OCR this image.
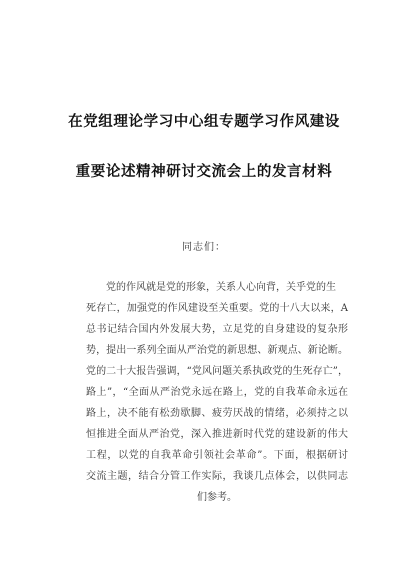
在党组理论学习中心组专题学习作风建设
重要论述精神研讨交流会上的发言材料
同志们：
党的作风就是党的形象，关系人心向背，关乎党的生
死存亡，加强党的作风建设至关重要。党的十八大以来，A
总书记结合国内外发展大势，立足党的自身建设的复杂形
势，提出一系列全面从严治党的新思想、新观点、新论断。
党的二十大报告强调，“党风问题关系执政党的生死存亡”，
路上”，“全面从严治党永远在路上，党的自我革命永远在
路上，决不能有松劲歇脚、疲劳厌战的情绪，必须持之以
恒推进全面从严治党，深入推进新时代党的建设新的伟大
工程，以党的自我革命引领社会革命”。下面，根据研讨
交流主题，结合分管工作实际，我谈几点体会，以供同志
们参考。
